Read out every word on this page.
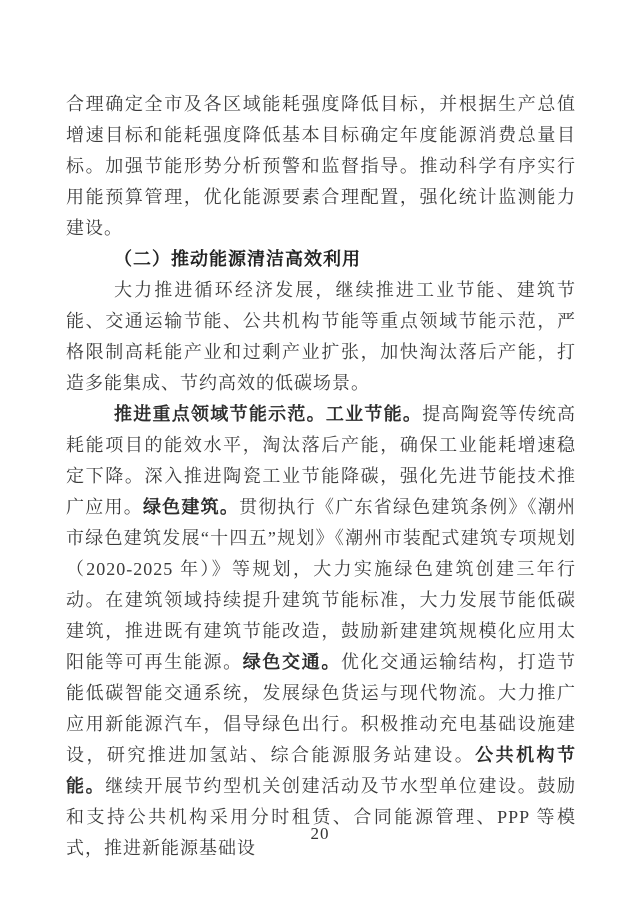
合理确定全市及各区域能耗强度降低目标，并根据生产总值增速目标和能耗强度降低基本目标确定年度能源消费总量目标。加强节能形势分析预警和监督指导。推动科学有序实行用能预算管理，优化能源要素合理配置，强化统计监测能力建设。

（二）推动能源清洁高效利用

大力推进循环经济发展，继续推进工业节能、建筑节能、交通运输节能、公共机构节能等重点领域节能示范，严格限制高耗能产业和过剩产业扩张，加快淘汰落后产能，打造多能集成、节约高效的低碳场景。

推进重点领域节能示范。工业节能。提高陶瓷等传统高耗能项目的能效水平，淘汰落后产能，确保工业能耗增速稳定下降。深入推进陶瓷工业节能降碳，强化先进节能技术推广应用。绿色建筑。贯彻执行《广东省绿色建筑条例》《潮州市绿色建筑发展“十四五”规划》《潮州市装配式建筑专项规划（2020-2025 年）》等规划，大力实施绿色建筑创建三年行动。在建筑领域持续提升建筑节能标准，大力发展节能低碳建筑，推进既有建筑节能改造，鼓励新建建筑规模化应用太阳能等可再生能源。绿色交通。优化交通运输结构，打造节能低碳智能交通系统，发展绿色货运与现代物流。大力推广应用新能源汽车，倡导绿色出行。积极推动充电基础设施建设，研究推进加氢站、综合能源服务站建设。公共机构节能。继续开展节约型机关创建活动及节水型单位建设。鼓励和支持公共机构采用分时租赁、合同能源管理、PPP 等模式，推进新能源基础设

20
